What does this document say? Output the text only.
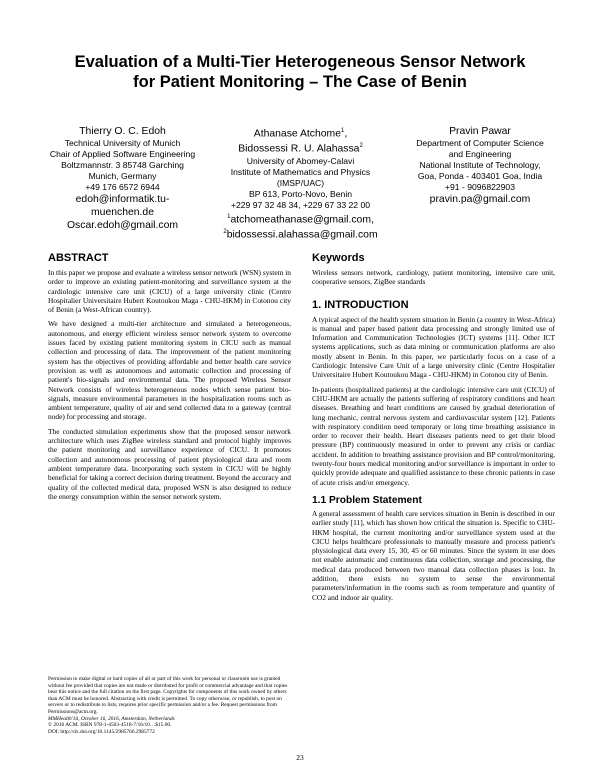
Evaluation of a Multi-Tier Heterogeneous Sensor Network
for Patient Monitoring – The Case of Benin
Thierry O. C. Edoh
Technical University of Munich
Chair of Applied Software Engineering
Boltzmannstr. 3 85748 Garching
Munich, Germany
+49 176 6572 6944
edoh@informatik.tu-
muenchen.de
Oscar.edoh@gmail.com
Athanase Atchome$^1$,
Bidossessi R. U. Alahassa$^2$
University of Abomey-Calavi
Institute of Mathematics and Physics
(IMSP/UAC)
BP 613, Porto-Novo, Benin
+229 97 32 48 34, +229 67 33 22 00
$^1$atchomeathanase@gmail.com,
$^2$bidossessi.alahassa@gmail.com
Pravin Pawar
Department of Computer Science
and Engineering
National Institute of Technology,
Goa, Ponda - 403401 Goa, India
+91 - 9096822903
pravin.pa@gmail.com
ABSTRACT

In this paper we propose and evaluate a wireless sensor network (WSN) system in order to improve an existing patient-monitoring and surveillance system at the cardiologic intensive care unit (CICU) of a large university clinic (Centre Hospitalier Universitaire Hubert Koutoukou Maga - CHU-HKM) in Cotonou city of Benin (a West-African country).

We have designed a multi-tier architecture and simulated a heterogeneous, autonomous, and energy efficient wireless sensor network system to overcome issues faced by existing patient monitoring system in CICU such as manual collection and processing of data. The improvement of the patient monitoring system has the objectives of providing affordable and better health care service provision as well as autonomous and automatic collection and processing of patient's bio-signals and environmental data. The proposed Wireless Sensor Network consists of wireless heterogeneous nodes which sense patient bio-signals, measure environmental parameters in the hospitalization rooms such as ambient temperature, quality of air and send collected data to a gateway (central node) for processing and storage.

The conducted simulation experiments show that the proposed sensor network architecture which uses ZigBee wireless standard and protocol highly improves the patient monitoring and surveillance experience of CICU. It promotes collection and autonomous processing of patient physiological data and room ambient temperature data. Incorporating such system in CICU will be highly beneficial for taking a correct decision during treatment. Beyond the accuracy and quality of the collected medical data, proposed WSN is also designed to reduce the energy consumption within the sensor network system.

Permission to make digital or hard copies of all or part of this work for personal or classroom use is granted without fee provided that copies are not made or distributed for profit or commercial advantage and that copies bear this notice and the full citation on the first page. Copyrights for components of this work owned by others than ACM must be honored. Abstracting with credit is permitted. To copy otherwise, or republish, to post on servers or to redistribute to lists, requires prior specific permission and/or a fee. Request permissions from Permissions@acm.org.

MMHealth'16, October 16, 2016, Amsterdam, Netherlands

© 2016 ACM. ISBN 978-1-4503-4518-7/16/10…$15.00.

DOI: http://dx.doi.org/10.1145/2985766.2985772

Keywords

Wireless sensors network, cardiology, patient monitoring, intensive care unit, cooperative sensors, ZigBee standards

1. INTRODUCTION

A typical aspect of the health system situation in Benin (a country in West-Africa) is manual and paper based patient data processing and strongly limited use of Information and Communication Technologies (ICT) systems [11]. Other ICT systems applications, such as data mining or communication platforms are also mostly absent in Benin. In this paper, we particularly focus on a case of a Cardiologic Intensive Care Unit of a large university clinic (Centre Hospitalier Universitaire Hubert Koutoukou Maga - CHU-HKM) in Cotonou city of Benin.

In-patients (hospitalized patients) at the cardiologic intensive care unit (CICU) of CHU-HKM are actually the patients suffering of respiratory conditions and heart diseases. Breathing and heart conditions are caused by gradual deterioration of lung mechanic, central nervous system and cardiovascular system [12]. Patients with respiratory condition need temporary or long time breathing assistance in order to recover their health. Heart diseases patients need to get their blood pressure (BP) continuously measured in order to prevent any crisis or cardiac accident. In addition to breathing assistance provision and BP control/monitoring, twenty-four hours medical monitoring and/or surveillance is important in order to quickly provide adequate and qualified assistance to these chronic patients in case of acute crisis and/or emergency.

1.1 Problem Statement

A general assessment of health care services situation in Benin is described in our earlier study [11], which has shown how critical the situation is. Specific to CHU-HKM hospital, the current monitoring and/or surveillance system used at the CICU helps healthcare professionals to manually measure and process patient's physiological data every 15, 30, 45 or 60 minutes. Since the system in use does not enable automatic and continuous data collection, storage and processing, the medical data produced between two manual data collection phases is lost. In addition, there exists no system to sense the environmental parameters/information in the rooms such as room temperature and quantity of CO2 and indoor air quality.

23
